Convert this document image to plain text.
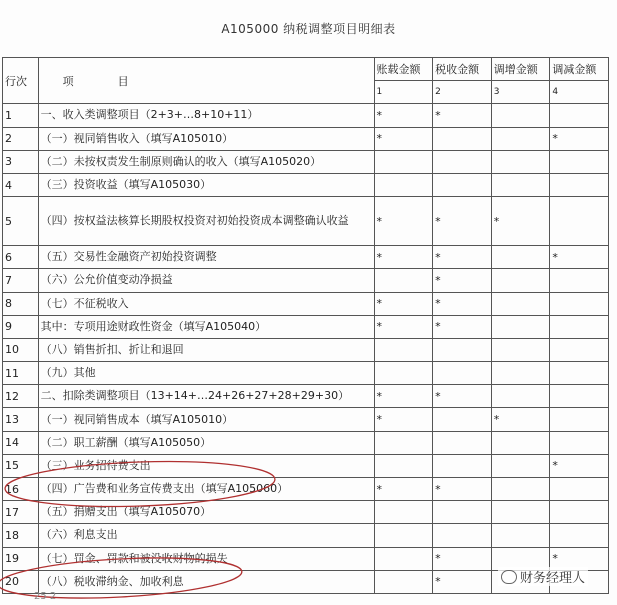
A105000 纳税调整项目明细表
行次	项　　　　目	账载金额	税收金额	调增金额	调减金额
		1	2	3	4
1	一、收入类调整项目（2+3+…8+10+11）	*	*		
2	（一）视同销售收入（填写A105010）	*			*
3	（二）未按权责发生制原则确认的收入（填写A105020）				
4	（三）投资收益（填写A105030）				
5	（四）按权益法核算长期股权投资对初始投资成本调整确认收益	*	*	*	
6	（五）交易性金融资产初始投资调整	*	*		*
7	（六）公允价值变动净损益		*		
8	（七）不征税收入	*	*		
9	其中：专项用途财政性资金（填写A105040）	*	*		
10	（八）销售折扣、折让和退回				
11	（九）其他				
12	二、扣除类调整项目（13+14+…24+26+27+28+29+30）	*	*		
13	（一）视同销售成本（填写A105010）	*		*	
14	（二）职工薪酬（填写A105050）				
15	（三）业务招待费支出				*
16	（四）广告费和业务宣传费支出（填写A105060）	*	*		
17	（五）捐赠支出（填写A105070）				
18	（六）利息支出				
19	（七）罚金、罚款和被没收财物的损失		*		*
20	（八）税收滞纳金、加收利息		*			财务经理人
25 2
